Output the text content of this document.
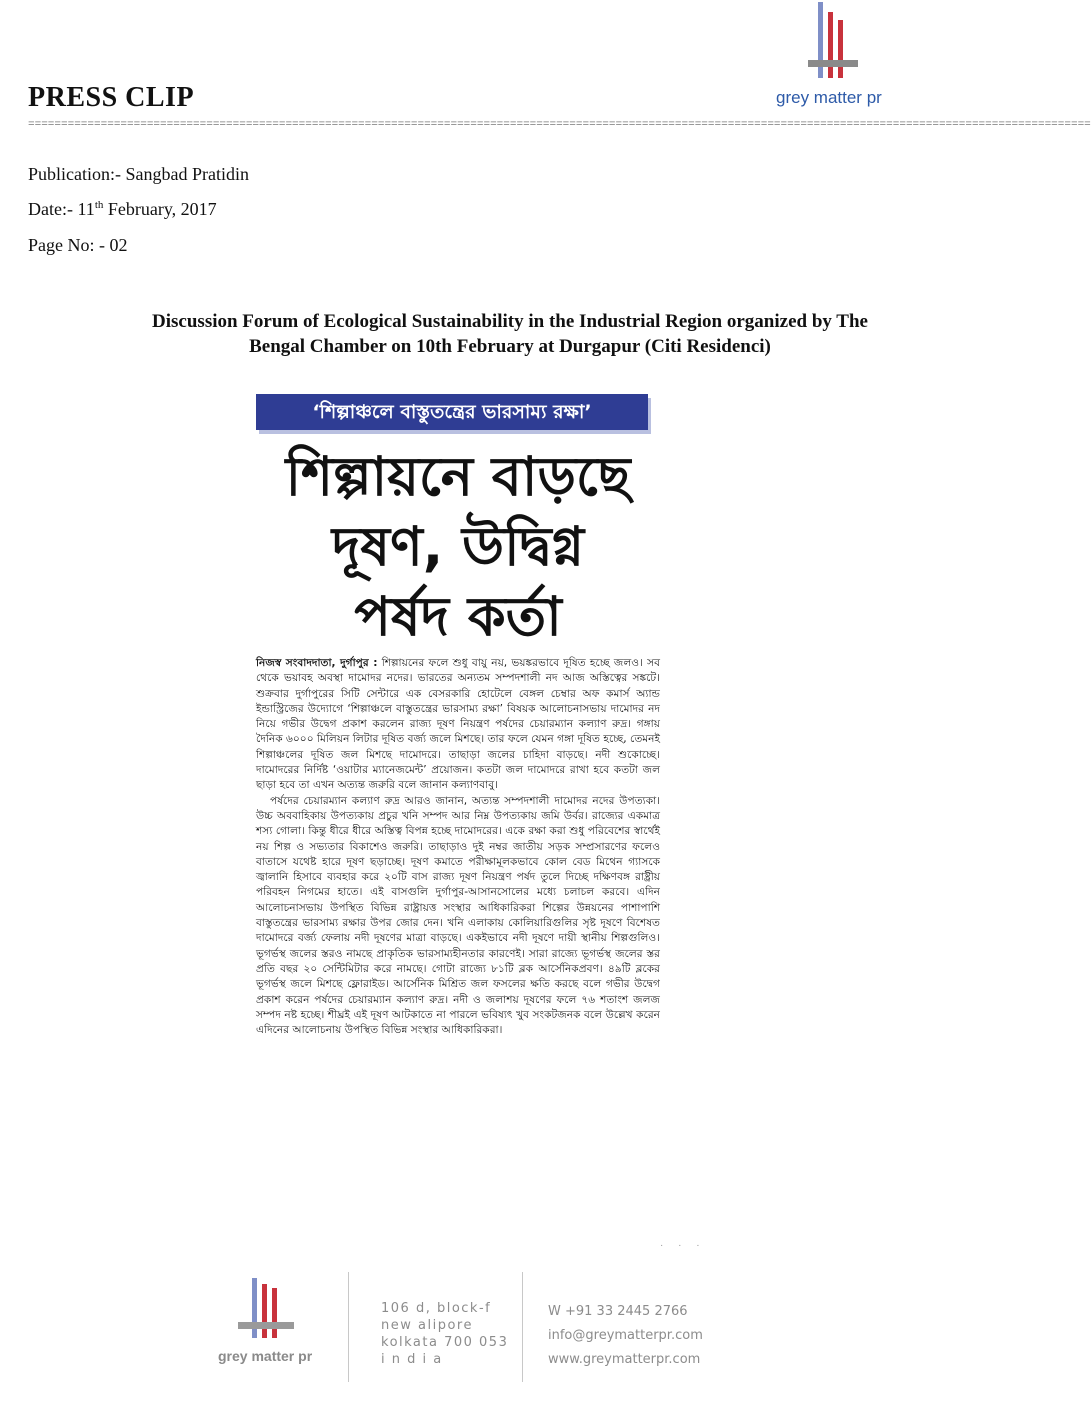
PRESS CLIP
=================================================================================================================================================================
grey matter pr
Publication:- Sangbad Pratidin
Date:- 11th February, 2017
Page No: - 02
Discussion Forum of Ecological Sustainability in the Industrial Region organized by The
Bengal Chamber on 10th February at Durgapur (Citi Residenci)
‘শিল্পাঞ্চলে বাস্তুতন্ত্রের ভারসাম্য রক্ষা’
শিল্পায়নে বাড়ছে
দূষণ, উদ্বিগ্ন
পর্ষদ কর্তা

নিজস্ব সংবাদদাতা, দুর্গাপুর : শিল্পায়নের ফলে শুধু বায়ু নয়, ভয়ঙ্করভাবে দূষিত হচ্ছে জলও। সব থেকে ভয়াবহ অবস্থা দামোদর নদের। ভারতের অন্যতম সম্পদশালী নদ আজ অস্তিত্বের সঙ্কটে। শুক্রবার দুর্গাপুরের সিটি সেন্টারে এক বেসরকারি হোটেলে বেঙ্গল চেম্বার অফ কমার্স অ্যান্ড ইন্ডাস্ট্রিজের উদ্যোগে ‘শিল্পাঞ্চলে বাস্তুতন্ত্রের ভারসাম্য রক্ষা’ বিষয়ক আলোচনাসভায় দামোদর নদ নিয়ে গভীর উদ্বেগ প্রকাশ করলেন রাজ্য দূষণ নিয়ন্ত্রণ পর্ষদের চেয়ারম্যান কল্যাণ রুদ্র। গঙ্গায় দৈনিক ৬০০০ মিলিয়ন লিটার দূষিত বর্জ্য জলে মিশছে। তার ফলে যেমন গঙ্গা দূষিত হচ্ছে, তেমনই শিল্পাঞ্চলের দূষিত জল মিশছে দামোদরে। তাছাড়া জলের চাহিদা বাড়ছে। নদী শুকোচ্ছে। দামোদরের নির্দিষ্ট ‘ওয়াটার ম্যানেজমেন্ট’ প্রয়োজন। কতটা জল দামোদরে রাখা হবে কতটা জল ছাড়া হবে তা এখন অত্যন্ত জরুরি বলে জানান কল্যাণবাবু।

পর্ষদের চেয়ারম্যান কল্যাণ রুদ্র আরও জানান, অত্যন্ত সম্পদশালী দামোদর নদের উপত্যকা। উচ্চ অববাহিকায় উপত্যকায় প্রচুর খনি সম্পদ আর নিম্ন উপত্যকায় জমি উর্বর। রাজ্যের একমাত্র শস্য গোলা। কিন্তু ধীরে ধীরে অস্তিত্ব বিপন্ন হচ্ছে দামোদরের। একে রক্ষা করা শুধু পরিবেশের স্বার্থেই নয় শিল্প ও সভ্যতার বিকাশেও জরুরি। তাছাড়াও দুই নম্বর জাতীয় সড়ক সম্প্রসারণের ফলেও বাতাসে যথেষ্ট হারে দূষণ ছড়াচ্ছে। দূষণ কমাতে পরীক্ষামূলকভাবে কোল বেড মিথেন গ্যাসকে জ্বালানি হিসাবে ব্যবহার করে ২০টি বাস রাজ্য দূষণ নিয়ন্ত্রণ পর্ষদ তুলে দিচ্ছে দক্ষিণবঙ্গ রাষ্ট্রীয় পরিবহন নিগমের হাতে। এই বাসগুলি দুর্গাপুর-আসানসোলের মধ্যে চলাচল করবে। এদিন আলোচনাসভায় উপস্থিত বিভিন্ন রাষ্ট্রায়ত্ত সংস্থার আধিকারিকরা শিল্পের উন্নয়নের পাশাপাশি বাস্তুতন্ত্রের ভারসাম্য রক্ষার উপর জোর দেন। খনি এলাকায় কোলিয়ারিগুলির সৃষ্ট দূষণে বিশেষত দামোদরে বর্জ্য ফেলায় নদী দূষণের মাত্রা বাড়ছে। একইভাবে নদী দূষণে দায়ী স্থানীয় শিল্পগুলিও। ভূগর্ভস্থ জলের স্তরও নামছে প্রাকৃতিক ভারসাম্যহীনতার কারণেই। সারা রাজ্যে ভূগর্ভস্থ জলের স্তর প্রতি বছর ২০ সেন্টিমিটার করে নামছে। গোটা রাজ্যে ৮১টি ব্লক আর্সেনিকপ্রবণ। ৪৯টি ব্লকের ভূগর্ভস্থ জলে মিশছে ফ্লোরাইড। আর্সেনিক মিশ্রিত জল ফসলের ক্ষতি করছে বলে গভীর উদ্বেগ প্রকাশ করেন পর্ষদের চেয়ারম্যান কল্যাণ রুদ্র। নদী ও জলাশয় দূষণের ফলে ৭৬ শতাংশ জলজ সম্পদ নষ্ট হচ্ছে। শীঘ্রই এই দূষণ আটকাতে না পারলে ভবিষ্যৎ খুব সংকটজনক বলে উল্লেখ করেন এদিনের আলোচনায় উপস্থিত বিভিন্ন সংস্থার আধিকারিকরা।

· · ·
grey matter pr
106 d, block-f
new alipore
kolkata 700 053
i n d i a
W +91 33 2445 2766
info@greymatterpr.com
www.greymatterpr.com
